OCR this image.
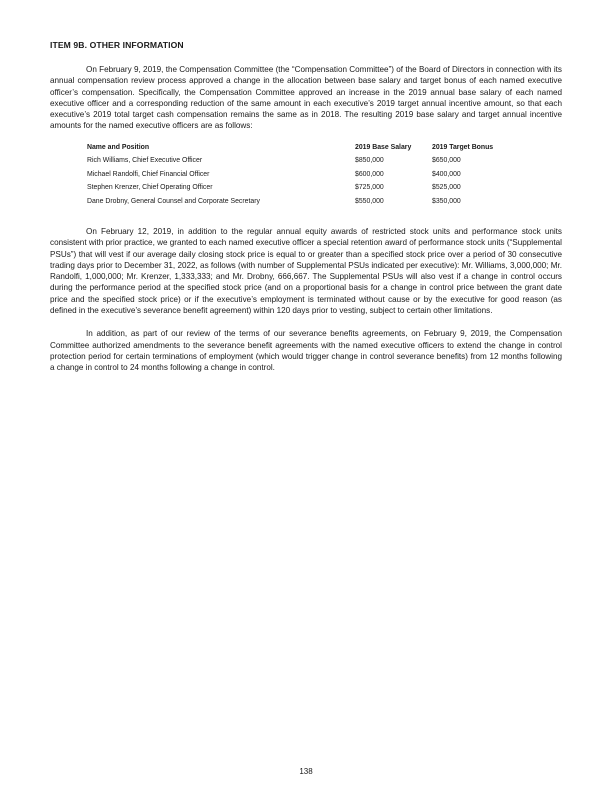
ITEM 9B. OTHER INFORMATION

On February 9, 2019, the Compensation Committee (the “Compensation Committee”) of the Board of Directors in connection with its annual compensation review process approved a change in the allocation between base salary and target bonus of each named executive officer’s compensation. Specifically, the Compensation Committee approved an increase in the 2019 annual base salary of each named executive officer and a corresponding reduction of the same amount in each executive’s 2019 target annual incentive amount, so that each executive’s 2019 total target cash compensation remains the same as in 2018. The resulting 2019 base salary and target annual incentive amounts for the named executive officers are as follows:

Name and Position	2019 Base Salary	2019 Target Bonus
Rich Williams, Chief Executive Officer	$850,000	$650,000
Michael Randolfi, Chief Financial Officer	$600,000	$400,000
Stephen Krenzer, Chief Operating Officer	$725,000	$525,000
Dane Drobny, General Counsel and Corporate Secretary	$550,000	$350,000

On February 12, 2019, in addition to the regular annual equity awards of restricted stock units and performance stock units consistent with prior practice, we granted to each named executive officer a special retention award of performance stock units (“Supplemental PSUs”) that will vest if our average daily closing stock price is equal to or greater than a specified stock price over a period of 30 consecutive trading days prior to December 31, 2022, as follows (with number of Supplemental PSUs indicated per executive): Mr. Williams, 3,000,000; Mr. Randolfi, 1,000,000; Mr. Krenzer, 1,333,333; and Mr. Drobny, 666,667. The Supplemental PSUs will also vest if a change in control occurs during the performance period at the specified stock price (and on a proportional basis for a change in control price between the grant date price and the specified stock price) or if the executive’s employment is terminated without cause or by the executive for good reason (as defined in the executive’s severance benefit agreement) within 120 days prior to vesting, subject to certain other limitations.

In addition, as part of our review of the terms of our severance benefits agreements, on February 9, 2019, the Compensation Committee authorized amendments to the severance benefit agreements with the named executive officers to extend the change in control protection period for certain terminations of employment (which would trigger change in control severance benefits) from 12 months following a change in control to 24 months following a change in control.

138
